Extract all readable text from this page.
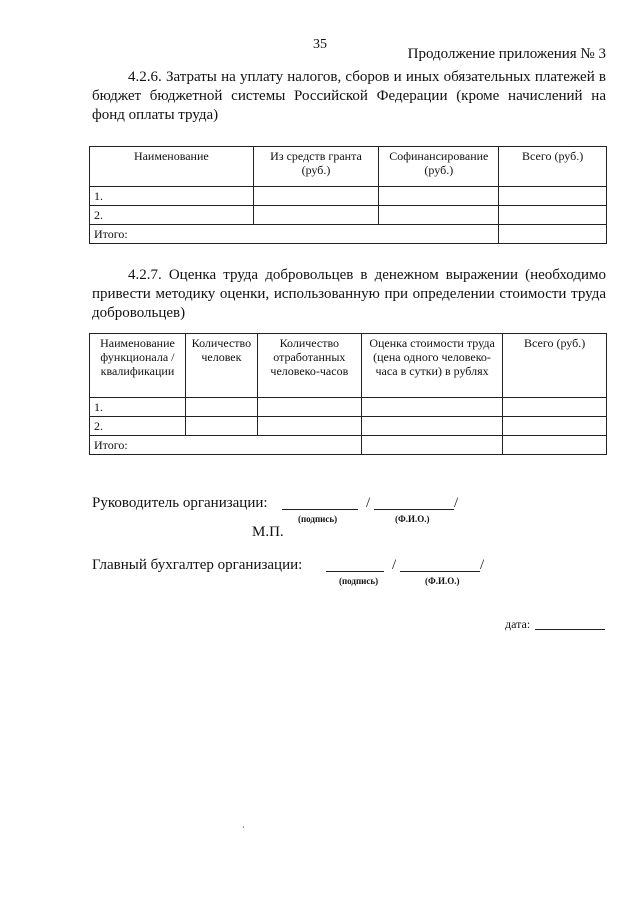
35
Продолжение приложения № 3
4.2.6. Затраты на уплату налогов, сборов и иных обязательных платежей в бюджет бюджетной системы Российской Федерации (кроме начислений на фонд оплаты труда)
Наименование	Из средств гранта (руб.)	Софинансирование (руб.)	Всего (руб.)
1.			
2.			
Итого:			
4.2.7. Оценка труда добровольцев в денежном выражении (необходимо привести методику оценки, использованную при определении стоимости труда добровольцев)
Наименование функционала / квалификации	Количество человек	Количество отработанных человеко-часов	Оценка стоимости труда (цена одного человеко-часа в сутки) в рублях	Всего (руб.)
1.				
2.				
Итого:				
Руководитель организации:	/	/
(подпись)	(Ф.И.О.)
М.П.
Главный бухгалтер организации:	/	/
(подпись)	(Ф.И.О.)
дата:
